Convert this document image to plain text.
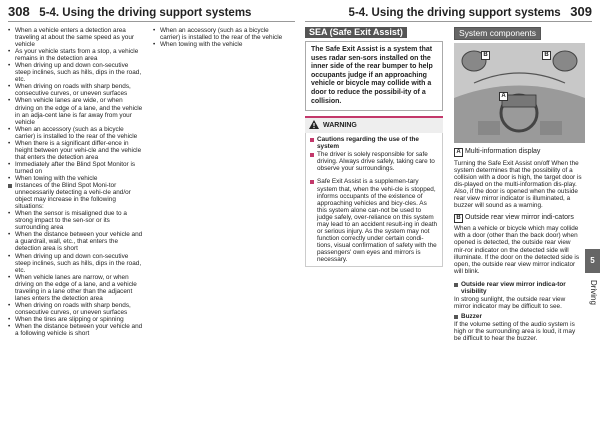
308 5-4. Using the driving support systems	5-4. Using the driving support systems 309
• When a vehicle enters a detection area traveling at about the same speed as your vehicle
• As your vehicle starts from a stop, a vehicle remains in the detection area
• When driving up and down con-secutive steep inclines, such as hills, dips in the road, etc.
• When driving on roads with sharp bends, consecutive curves, or uneven surfaces
• When vehicle lanes are wide, or when driving on the edge of a lane, and the vehicle in an adja-cent lane is far away from your vehicle
• When an accessory (such as a bicycle carrier) is installed to the rear of the vehicle
• When there is a significant differ-ence in height between your vehi-cle and the vehicle that enters the detection area
• Immediately after the Blind Spot Monitor is turned on
• When towing with the vehicle
Instances of the Blind Spot Moni-tor unnecessarily detecting a vehi-cle and/or object may increase in the following situations:
• When the sensor is misaligned due to a strong impact to the sen-sor or its surrounding area
• When the distance between your vehicle and a guardrail, wall, etc., that enters the detection area is short
• When driving up and down con-secutive steep inclines, such as hills, dips in the road, etc.
• When vehicle lanes are narrow, or when driving on the edge of a lane, and a vehicle traveling in a lane other than the adjacent lanes enters the detection area
• When driving on roads with sharp bends, consecutive curves, or uneven surfaces
• When the tires are slipping or spinning
• When the distance between your vehicle and a following vehicle is short
• When an accessory (such as a bicycle carrier) is installed to the rear of the vehicle
• When towing with the vehicle
SEA (Safe Exit Assist)
The Safe Exit Assist is a system that uses radar sen-sors installed on the inner side of the rear bumper to help occupants judge if an approaching vehicle or bicycle may collide with a door to reduce the possibil-ity of a collision.
WARNING
Cautions regarding the use of the system
The driver is solely responsible for safe driving. Always drive safely, taking care to observe your surroundings.
Safe Exit Assist is a supplemen-tary system that, when the vehi-cle is stopped, informs occupants of the existence of approaching vehicles and bicy-cles. As this system alone can-not be used to judge safely, over-reliance on this system may lead to an accident result-ing in death or serious injury. As the system may not function correctly under certain condi-tions, visual confirmation of safety with the passengers' own eyes and mirrors is necessary.
System components
B	B
A
A Multi-information display
Turning the Safe Exit Assist on/off When the system determines that the possibility of a collision with a door is high, the target door is dis-played on the multi-information dis-play. Also, if the door is opened when the outside rear view mirror indicator is illuminated, a buzzer will sound as a warning.
B Outside rear view mirror indi-cators
When a vehicle or bicycle which may collide with a door (other than the back door) when opened is detected, the outside rear view mir-ror indicator on the detected side will illuminate. If the door on the detected side is open, the outside rear view mirror indicator will blink.
Outside rear view mirror indica-tor visibility
In strong sunlight, the outside rear view mirror indicator may be difficult to see.
Buzzer
If the volume setting of the audio system is high or the surrounding area is loud, it may be difficult to hear the buzzer.
5
Driving
